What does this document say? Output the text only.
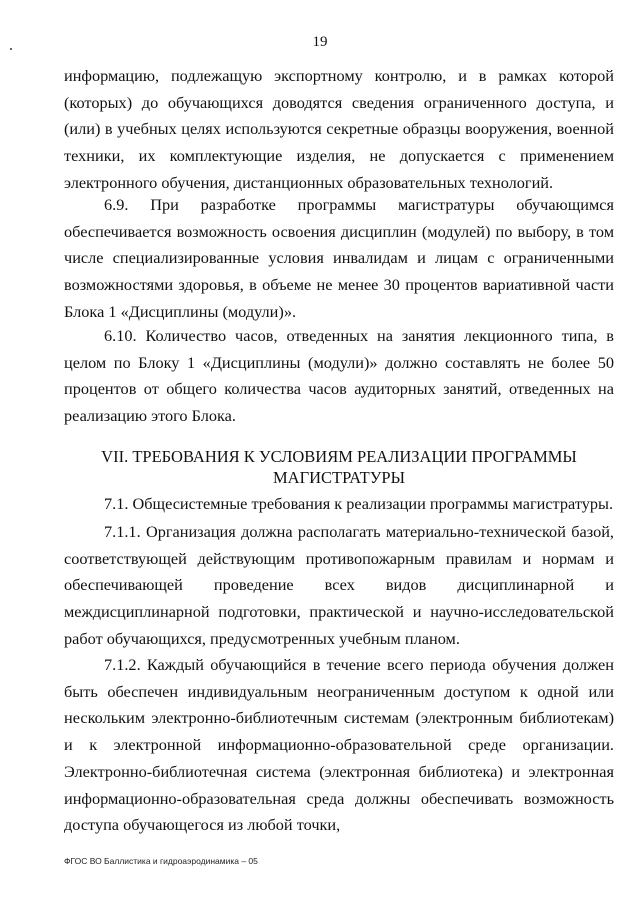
19
информацию, подлежащую экспортному контролю, и в рамках которой (которых) до обучающихся доводятся сведения ограниченного доступа, и (или) в учебных целях используются секретные образцы вооружения, военной техники, их комплектующие изделия, не допускается с применением электронного обучения, дистанционных образовательных технологий.
6.9. При разработке программы магистратуры обучающимся обеспечивается возможность освоения дисциплин (модулей) по выбору, в том числе специализированные условия инвалидам и лицам с ограниченными возможностями здоровья, в объеме не менее 30 процентов вариативной части Блока 1 «Дисциплины (модули)».
6.10. Количество часов, отведенных на занятия лекционного типа, в целом по Блоку 1 «Дисциплины (модули)» должно составлять не более 50 процентов от общего количества часов аудиторных занятий, отведенных на реализацию этого Блока.
VII. ТРЕБОВАНИЯ К УСЛОВИЯМ РЕАЛИЗАЦИИ ПРОГРАММЫ
МАГИСТРАТУРЫ
7.1. Общесистемные требования к реализации программы магистратуры.
7.1.1. Организация должна располагать материально-технической базой, соответствующей действующим противопожарным правилам и нормам и обеспечивающей проведение всех видов дисциплинарной и междисциплинарной подготовки, практической и научно-исследовательской работ обучающихся, предусмотренных учебным планом.
7.1.2. Каждый обучающийся в течение всего периода обучения должен быть обеспечен индивидуальным неограниченным доступом к одной или нескольким электронно-библиотечным системам (электронным библиотекам) и к электронной информационно-образовательной среде организации. Электронно-библиотечная система (электронная библиотека) и электронная информационно-образовательная среда должны обеспечивать возможность доступа обучающегося из любой точки,
ФГОС ВО Баллистика и гидроаэродинамика – 05
